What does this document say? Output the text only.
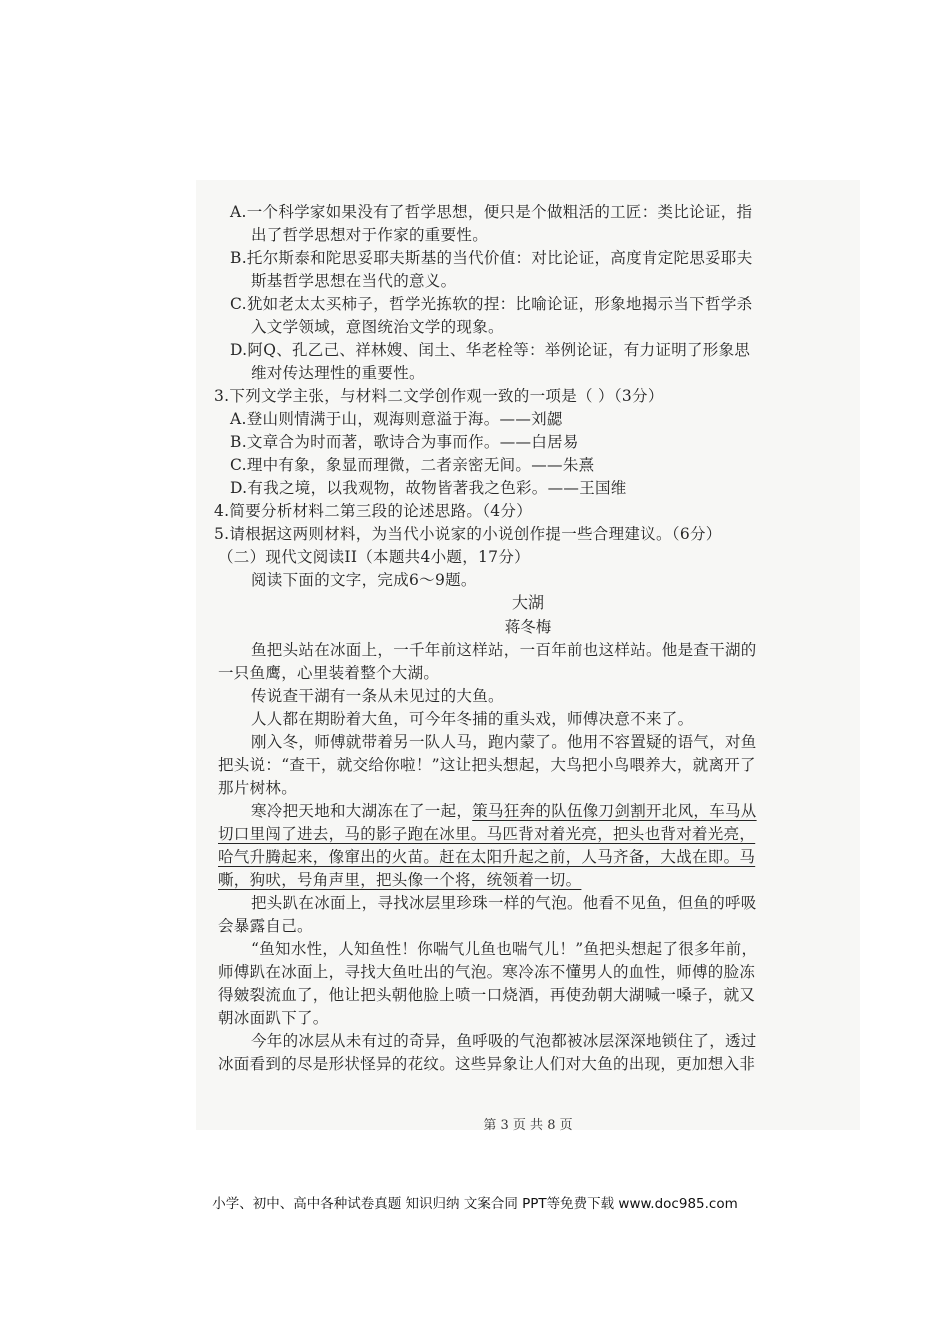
A.一个科学家如果没有了哲学思想，便只是个做粗活的工匠：类比论证，指
出了哲学思想对于作家的重要性。
B.托尔斯泰和陀思妥耶夫斯基的当代价值：对比论证，高度肯定陀思妥耶夫
斯基哲学思想在当代的意义。
C.犹如老太太买柿子，哲学光拣软的捏：比喻论证，形象地揭示当下哲学杀
入文学领域，意图统治文学的现象。
D.阿Q、孔乙己、祥林嫂、闰土、华老栓等：举例论证，有力证明了形象思
维对传达理性的重要性。
3.下列文学主张，与材料二文学创作观一致的一项是（ ）（3分）
A.登山则情满于山，观海则意溢于海。——刘勰
B.文章合为时而著，歌诗合为事而作。——白居易
C.理中有象，象显而理微，二者亲密无间。——朱熹
D.有我之境，以我观物，故物皆著我之色彩。——王国维
4.简要分析材料二第三段的论述思路。（4分）
5.请根据这两则材料，为当代小说家的小说创作提一些合理建议。（6分）
（二）现代文阅读II（本题共4小题，17分）
阅读下面的文字，完成6～9题。
大湖
蒋冬梅
鱼把头站在冰面上，一千年前这样站，一百年前也这样站。他是查干湖的
一只鱼鹰，心里装着整个大湖。
传说查干湖有一条从未见过的大鱼。
人人都在期盼着大鱼，可今年冬捕的重头戏，师傅决意不来了。
刚入冬，师傅就带着另一队人马，跑内蒙了。他用不容置疑的语气，对鱼
把头说：“查干，就交给你啦！”这让把头想起，大鸟把小鸟喂养大，就离开了
那片树林。
寒冷把天地和大湖冻在了一起，策马狂奔的队伍像刀剑割开北风，车马从
切口里闯了进去，马的影子跑在冰里。马匹背对着光亮，把头也背对着光亮，
哈气升腾起来，像窜出的火苗。赶在太阳升起之前，人马齐备，大战在即。马
嘶，狗吠，号角声里，把头像一个将，统领着一切。
把头趴在冰面上，寻找冰层里珍珠一样的气泡。他看不见鱼，但鱼的呼吸
会暴露自己。
“鱼知水性，人知鱼性！你喘气儿鱼也喘气儿！”鱼把头想起了很多年前，
师傅趴在冰面上，寻找大鱼吐出的气泡。寒冷冻不懂男人的血性，师傅的脸冻
得皴裂流血了，他让把头朝他脸上喷一口烧酒，再使劲朝大湖喊一嗓子，就又
朝冰面趴下了。
今年的冰层从未有过的奇异，鱼呼吸的气泡都被冰层深深地锁住了，透过
冰面看到的尽是形状怪异的花纹。这些异象让人们对大鱼的出现，更加想入非
第 3 页 共 8 页
小学、初中、高中各种试卷真题 知识归纳 文案合同 PPT等免费下载 www.doc985.com
